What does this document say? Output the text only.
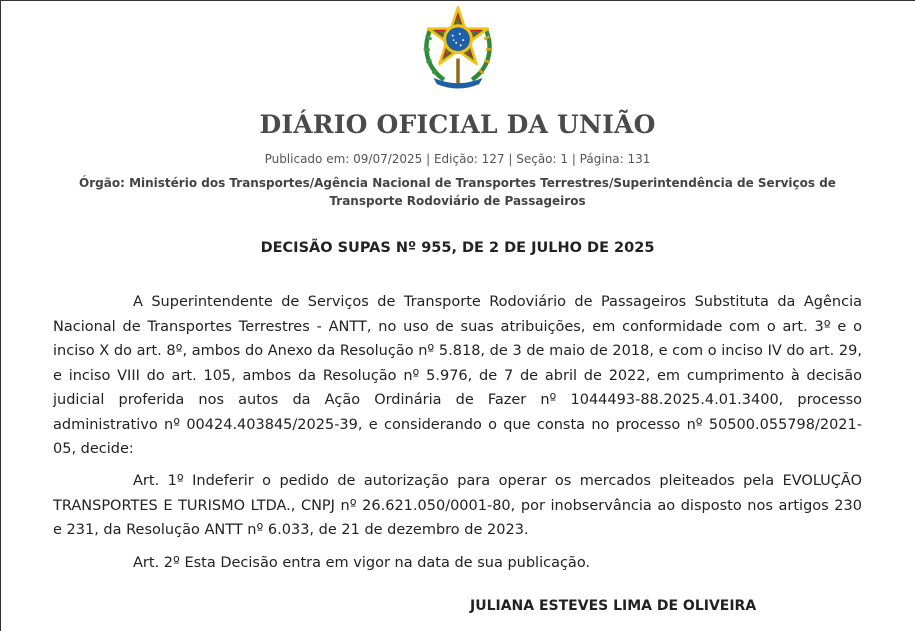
DIÁRIO OFICIAL DA UNIÃO

Publicado em: 09/07/2025 | Edição: 127 | Seção: 1 | Página: 131

Órgão: Ministério dos Transportes/Agência Nacional de Transportes Terrestres/Superintendência de Serviços de Transporte Rodoviário de Passageiros

DECISÃO SUPAS Nº 955, DE 2 DE JULHO DE 2025

A Superintendente de Serviços de Transporte Rodoviário de Passageiros Substituta da Agência Nacional de Transportes Terrestres - ANTT, no uso de suas atribuições, em conformidade com o art. 3º e o inciso X do art. 8º, ambos do Anexo da Resolução nº 5.818, de 3 de maio de 2018, e com o inciso IV do art. 29, e inciso VIII do art. 105, ambos da Resolução nº 5.976, de 7 de abril de 2022, em cumprimento à decisão judicial proferida nos autos da Ação Ordinária de Fazer nº 1044493-88.2025.4.01.3400, processo administrativo nº 00424.403845/2025-39, e considerando o que consta no processo nº 50500.055798/2021-05, decide:

Art. 1º Indeferir o pedido de autorização para operar os mercados pleiteados pela EVOLUÇÃO TRANSPORTES E TURISMO LTDA., CNPJ nº 26.621.050/0001-80, por inobservância ao disposto nos artigos 230 e 231, da Resolução ANTT nº 6.033, de 21 de dezembro de 2023.

Art. 2º Esta Decisão entra em vigor na data de sua publicação.

JULIANA ESTEVES LIMA DE OLIVEIRA
